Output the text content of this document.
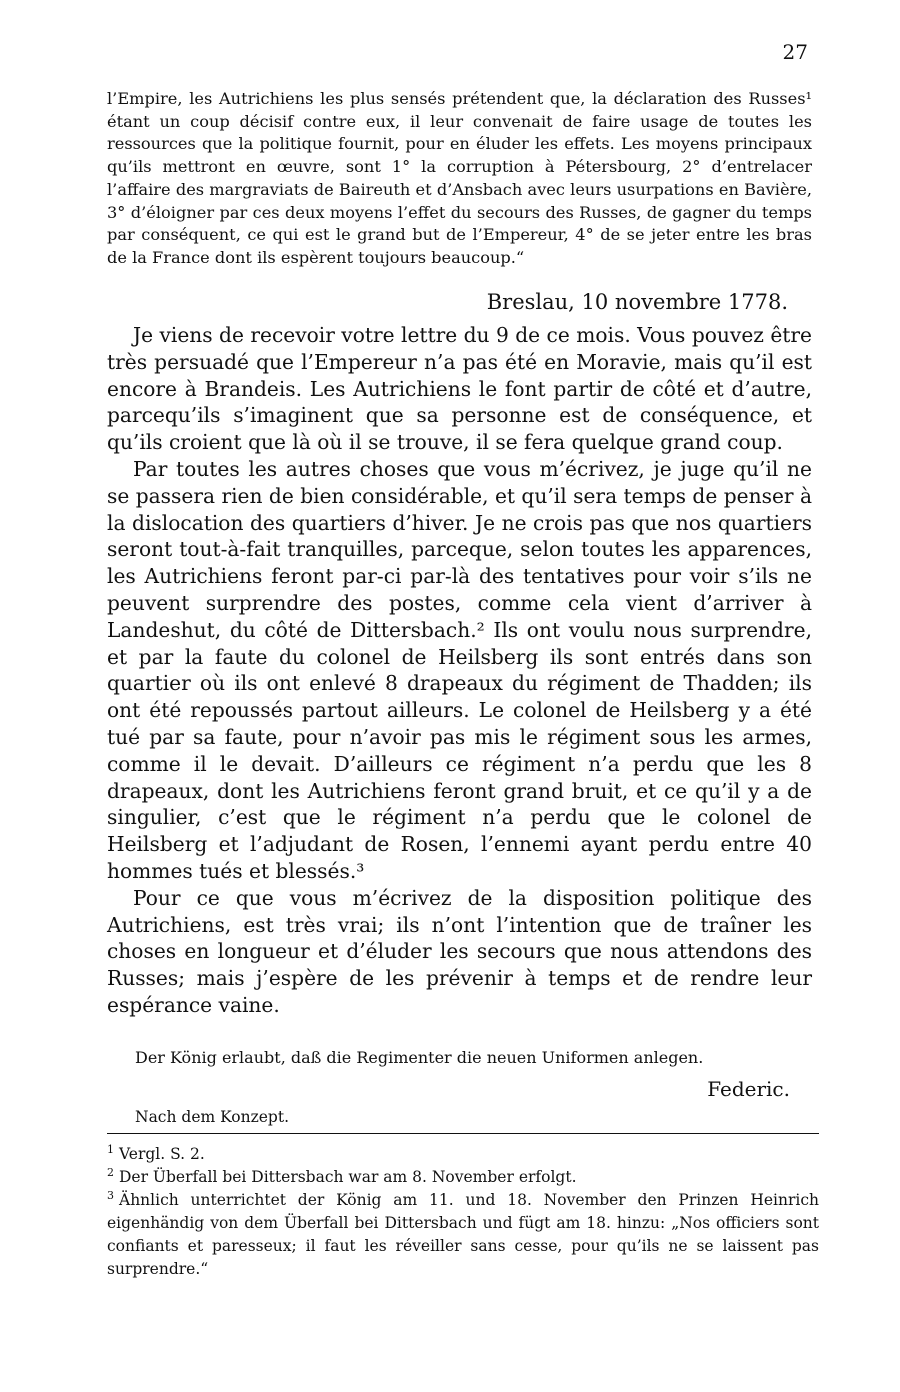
27
l’Empire, les Autrichiens les plus sensés prétendent que, la déclaration des Russes¹
étant un coup décisif contre eux, il leur convenait de faire usage de toutes les
ressources que la politique fournit, pour en éluder les effets. Les moyens principaux
qu’ils mettront en œuvre, sont 1° la corruption à Pétersbourg, 2° d’entrelacer
l’affaire des margraviats de Baireuth et d’Ansbach avec leurs usurpations en Bavière,
3° d’éloigner par ces deux moyens l’effet du secours des Russes, de gagner du temps
par conséquent, ce qui est le grand but de l’Empereur, 4° de se jeter entre les bras
de la France dont ils espèrent toujours beaucoup.“
Breslau, 10 novembre 1778.

Je viens de recevoir votre lettre du 9 de ce mois. Vous pouvez être très persuadé que l’Empereur n’a pas été en Moravie, mais qu’il est encore à Brandeis. Les Autrichiens le font partir de côté et d’autre, parcequ’ils s’imaginent que sa personne est de conséquence, et qu’ils croient que là où il se trouve, il se fera quelque grand coup.

Par toutes les autres choses que vous m’écrivez, je juge qu’il ne se passera rien de bien considérable, et qu’il sera temps de penser à la dislocation des quartiers d’hiver. Je ne crois pas que nos quartiers seront tout-à-fait tranquilles, parceque, selon toutes les apparences, les Autrichiens feront par-ci par-là des tentatives pour voir s’ils ne peuvent surprendre des postes, comme cela vient d’arriver à Landeshut, du côté de Dittersbach.² Ils ont voulu nous surprendre, et par la faute du colonel de Heilsberg ils sont entrés dans son quartier où ils ont enlevé 8 drapeaux du régiment de Thadden; ils ont été repoussés partout ailleurs. Le colonel de Heilsberg y a été tué par sa faute, pour n’avoir pas mis le régiment sous les armes, comme il le devait. D’ailleurs ce régiment n’a perdu que les 8 drapeaux, dont les Autrichiens feront grand bruit, et ce qu’il y a de singulier, c’est que le régiment n’a perdu que le colonel de Heilsberg et l’adjudant de Rosen, l’ennemi ayant perdu entre 40 hommes tués et blessés.³

Pour ce que vous m’écrivez de la disposition politique des Autrichiens, est très vrai; ils n’ont l’intention que de traîner les choses en longueur et d’éluder les secours que nous attendons des Russes; mais j’espère de les prévenir à temps et de rendre leur espérance vaine.

Der König erlaubt, daß die Regimenter die neuen Uniformen anlegen.
Federic.
Nach dem Konzept.
$^1$ Vergl. S. 2.
$^2$ Der Überfall bei Dittersbach war am 8. November erfolgt.
$^3$ Ähnlich unterrichtet der König am 11. und 18. November den Prinzen Heinrich eigenhändig von dem Überfall bei Dittersbach und fügt am 18. hinzu: „Nos officiers sont confiants et paresseux; il faut les réveiller sans cesse, pour qu’ils ne se laissent pas surprendre.“
